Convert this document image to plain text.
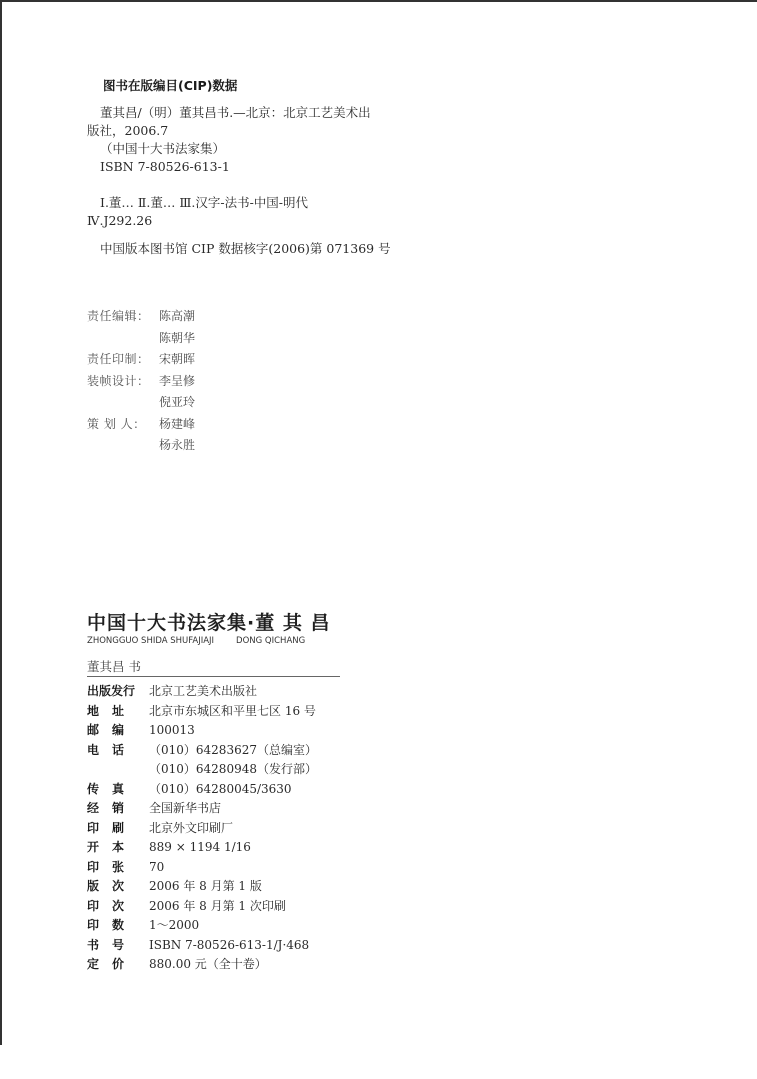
图书在版编目(CIP)数据
董其昌/（明）董其昌书.—北京：北京工艺美术出
版社，2006.7
（中国十大书法家集）
ISBN 7-80526-613-1
Ⅰ.董… Ⅱ.董… Ⅲ.汉字-法书-中国-明代
Ⅳ.J292.26
中国版本图书馆 CIP 数据核字(2006)第 071369 号
责任编辑： 陈高潮
陈朝华
责任印制： 宋朝晖
装帧设计： 李呈修
倪亚玲
策 划 人：	杨建峰
杨永胜
中国十大书法家集·董 其 昌
ZHONGGUO SHIDA SHUFAJIAJI	DONG QICHANG
董其昌 书
出版发行	北京工艺美术出版社
地 址 北京市东城区和平里七区 16 号
邮 编 100013
电 话 （010）64283627（总编室）
（010）64280948（发行部）
传 真 （010）64280045/3630
经 销 全国新华书店
印 刷 北京外文印刷厂
开 本 889 × 1194 1/16
印 张 70
版 次 2006 年 8 月第 1 版
印 次 2006 年 8 月第 1 次印刷
印 数 1～2000
书 号 ISBN 7-80526-613-1/J·468
定 价 880.00 元（全十卷）
